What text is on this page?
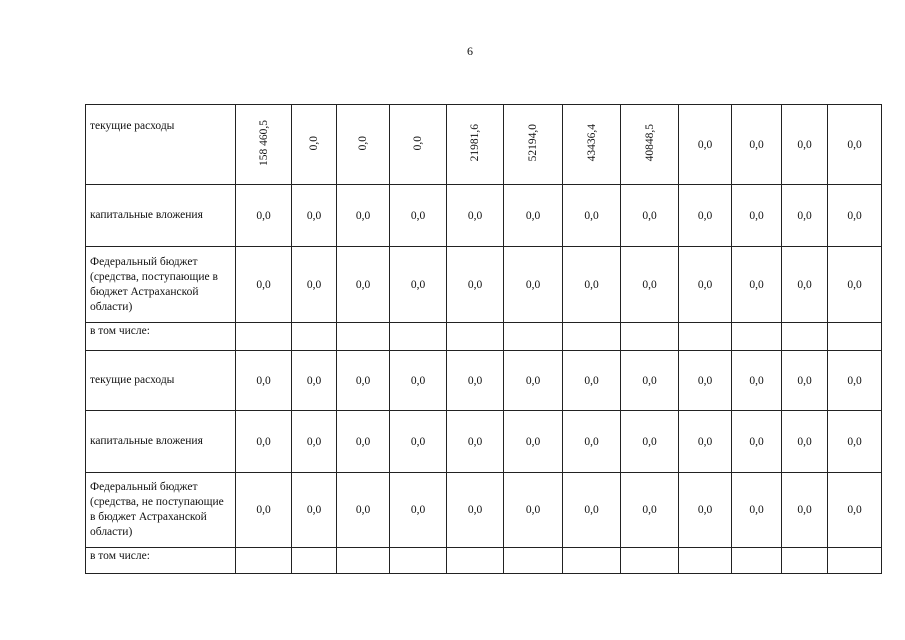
6
текущие расходы	158 460,5	0,0	0,0	0,0	21981,6	52194,0	43436,4	40848,5	0,0	0,0	0,0	0,0
капитальные вложения	0,0	0,0	0,0	0,0	0,0	0,0	0,0	0,0	0,0	0,0	0,0	0,0
Федеральный бюджет (средства, поступающие в бюджет Астраханской области)	0,0	0,0	0,0	0,0	0,0	0,0	0,0	0,0	0,0	0,0	0,0	0,0
в том числе:												
текущие расходы	0,0	0,0	0,0	0,0	0,0	0,0	0,0	0,0	0,0	0,0	0,0	0,0
капитальные вложения	0,0	0,0	0,0	0,0	0,0	0,0	0,0	0,0	0,0	0,0	0,0	0,0
Федеральный бюджет (средства, не поступающие в бюджет Астраханской области)	0,0	0,0	0,0	0,0	0,0	0,0	0,0	0,0	0,0	0,0	0,0	0,0
в том числе:												
